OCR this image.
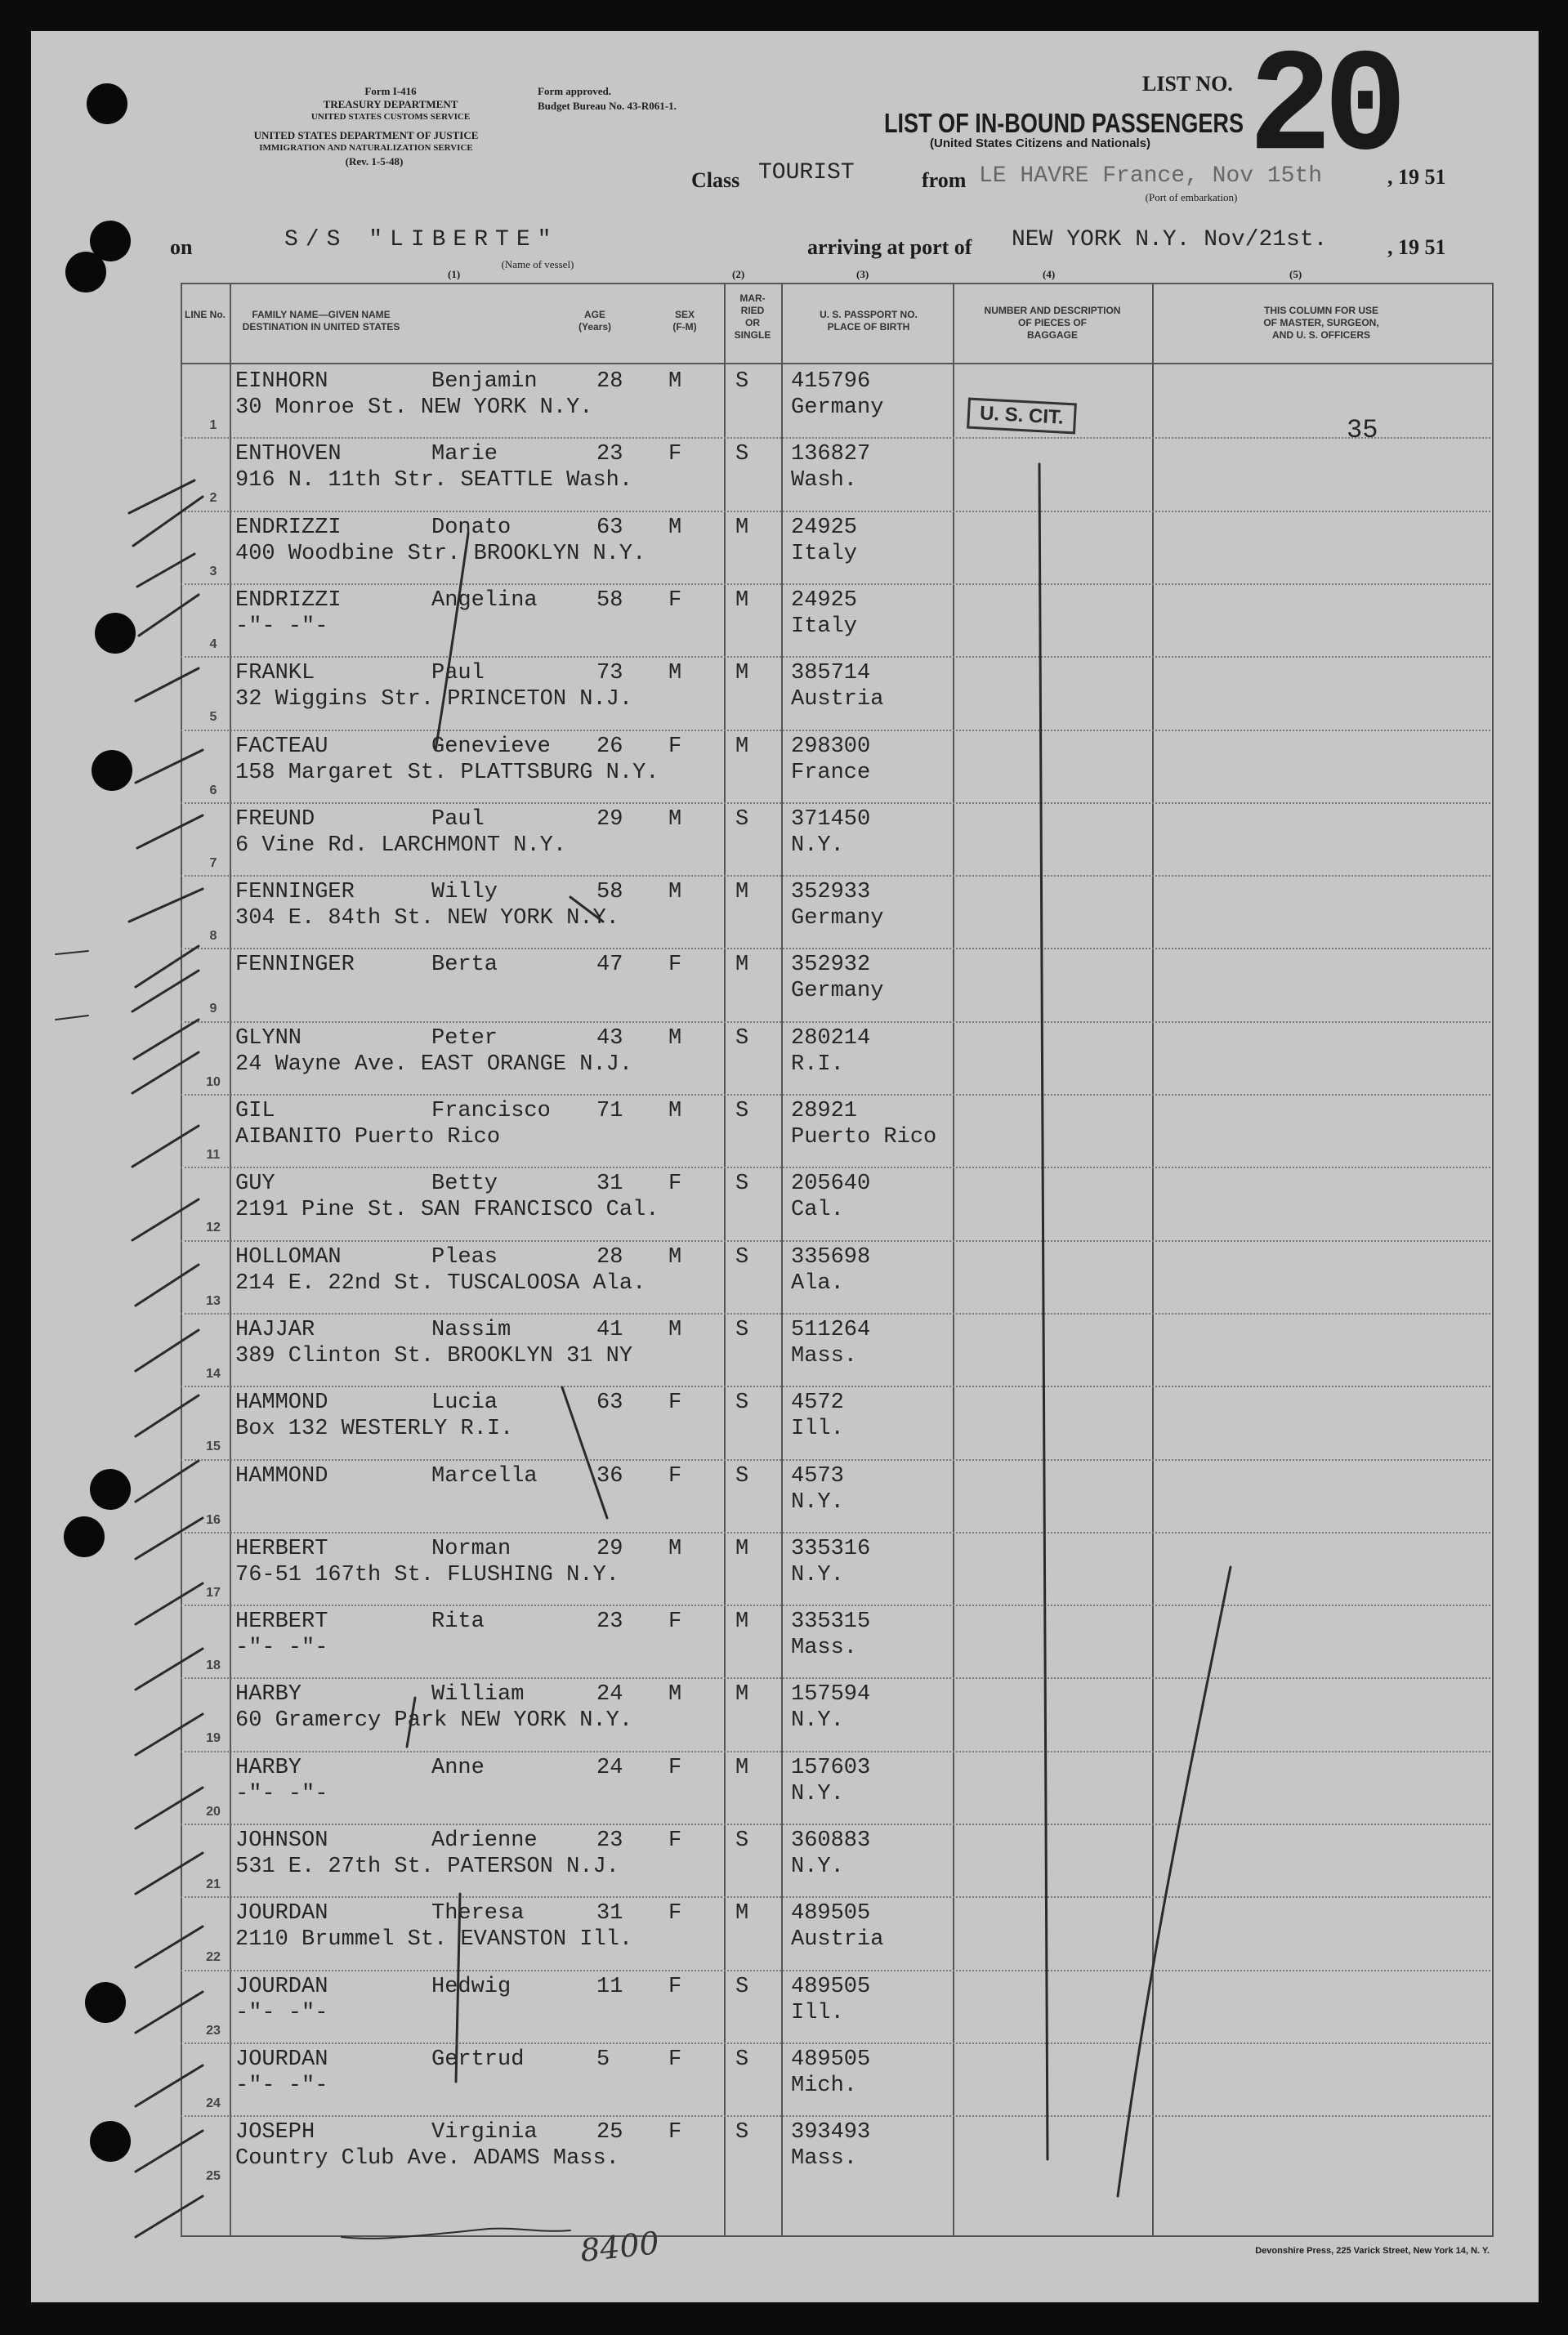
Form I-416
TREASURY DEPARTMENT
UNITED STATES CUSTOMS SERVICE
UNITED STATES DEPARTMENT OF JUSTICE
IMMIGRATION AND NATURALIZATION SERVICE
(Rev. 1-5-48)
Form approved.
Budget Bureau No. 43-R061-1.
LIST NO. 20
LIST OF IN-BOUND PASSENGERS
(United States Citizens and Nationals)
Class TOURIST	from LE HAVRE France, Nov 15th	, 19 51
(Port of embarkation)
on	S/S "LIBERTE"
(Name of vessel)
arriving at port of NEW YORK N.Y. Nov/21st.	, 19 51
(1)	(2)	(3)	(4)	(5)
LINE No.	FAMILY NAME—GIVEN NAME
DESTINATION IN UNITED STATES
AGE
(Years)
SEX
(F-M)
MAR-
RIED
OR
SINGLE
U. S. PASSPORT NO.
PLACE OF BIRTH
NUMBER AND DESCRIPTION
OF PIECES OF
BAGGAGE
THIS COLUMN FOR USE
OF MASTER, SURGEON,
AND U. S. OFFICERS
1
EINHORN	Benjamin	28 M S 415796
30 Monroe St. NEW YORK N.Y.	Germany
2
ENTHOVEN	Marie	23 F S 136827
916 N. 11th Str. SEATTLE Wash.	Wash.
3
ENDRIZZI	Donato	63 M M 24925
400 Woodbine Str. BROOKLYN N.Y.	Italy
4
ENDRIZZI	Angelina	58 F M 24925
-"- -"-	Italy
5
FRANKL	Paul	73 M M 385714
32 Wiggins Str. PRINCETON N.J.	Austria
6
FACTEAU	Genevieve 26 F M 298300
158 Margaret St. PLATTSBURG N.Y.	France
7
FREUND	Paul	29 M S 371450
6 Vine Rd. LARCHMONT N.Y.	N.Y.
8
FENNINGER	Willy	58 M M 352933
304 E. 84th St. NEW YORK N.Y.	Germany
9
FENNINGER	Berta	47 F M 352932
Germany
10
GLYNN	Peter	43 M S 280214
24 Wayne Ave. EAST ORANGE N.J.	R.I.
11
GIL	Francisco 71 M S 28921
AIBANITO Puerto Rico	Puerto Rico
12
GUY	Betty	31 F S 205640
2191 Pine St. SAN FRANCISCO Cal.	Cal.
13
HOLLOMAN	Pleas	28 M S 335698
214 E. 22nd St. TUSCALOOSA Ala.	Ala.
14
HAJJAR	Nassim	41 M S 511264
389 Clinton St. BROOKLYN 31 NY	Mass.
15
HAMMOND	Lucia	63 F S 4572
Box 132 WESTERLY R.I.	Ill.
16
HAMMOND	Marcella	36 F S 4573
N.Y.
17
HERBERT	Norman	29 M M 335316
76-51 167th St. FLUSHING N.Y.	N.Y.
18
HERBERT	Rita	23 F M 335315
-"- -"-	Mass.
19
HARBY	William	24 M M 157594
60 Gramercy Park NEW YORK N.Y.	N.Y.
20
HARBY	Anne	24 F M 157603
-"- -"-	N.Y.
21
JOHNSON	Adrienne	23 F S 360883
531 E. 27th St. PATERSON N.J.	N.Y.
22
JOURDAN	Theresa	31 F M 489505
2110 Brummel St. EVANSTON Ill.	Austria
23
JOURDAN	Hedwig	11 F S 489505
-"- -"-	Ill.
24
JOURDAN	Gertrud	5	F S 489505
-"- -"-	Mich.
25
JOSEPH	Virginia	25 F S 393493
Country Club Ave. ADAMS Mass.	Mass.
U. S. CIT.	35
Devonshire Press, 225 Varick Street, New York 14, N. Y.
8400
